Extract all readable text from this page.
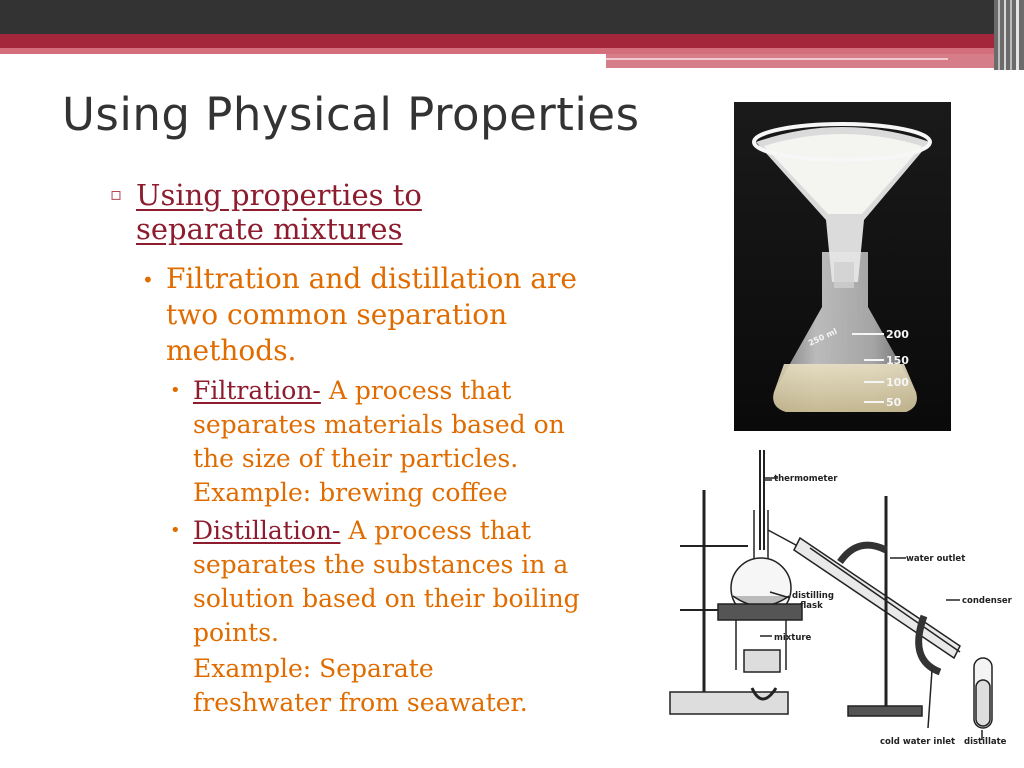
Using Physical Properties
▫ Using properties to separate mixtures

• Filtration and distillation are two common separation methods.

• Filtration- A process that separates materials based on the size of their particles. Example: brewing coffee

• Distillation- A process that separates the substances in a solution based on their boiling points.

Example: Separate freshwater from seawater.

200
150
100
50
250 ml
thermometer
water outlet
condenser
distilling
flask
mixture
cold water inlet distillate
